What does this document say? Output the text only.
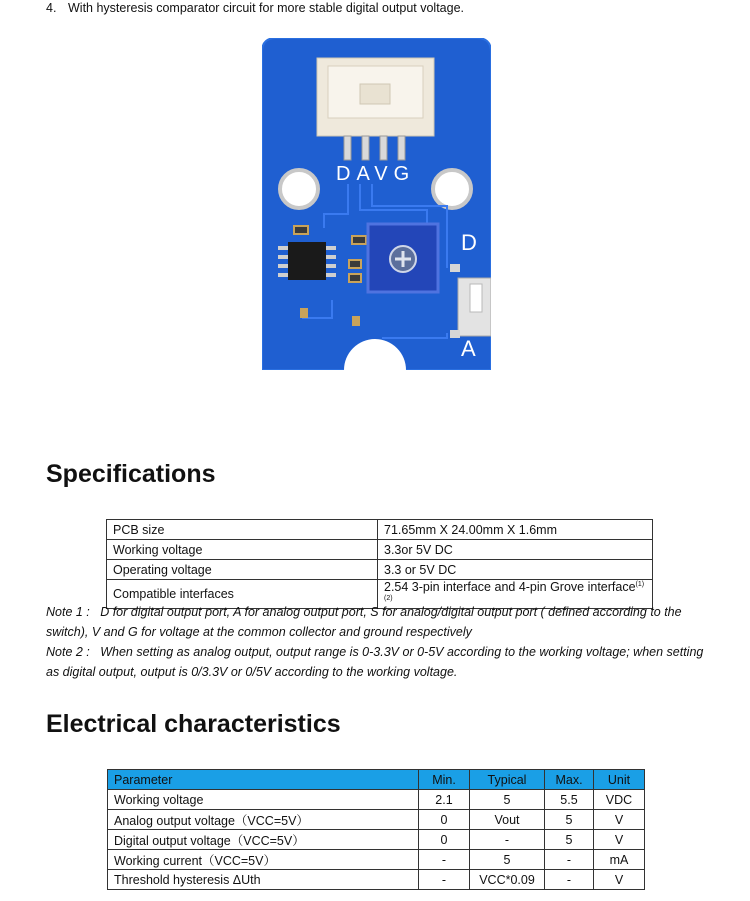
4. With hysteresis comparator circuit for more stable digital output voltage.
DAVG
D
A
Specifications
PCB size	71.65mm X 24.00mm X 1.6mm
Working voltage	3.3or 5V DC
Operating voltage	3.3 or 5V DC
Compatible interfaces	2.54 3-pin interface and 4-pin Grove interface$^{(1)(2)}$
Note 1 : D for digital output port, A for analog output port, S for analog/digital output port ( defined according to the switch), V and G for voltage at the common collector and ground respectively
Note 2 : When setting as analog output, output range is 0-3.3V or 0-5V according to the working voltage; when setting as digital output, output is 0/3.3V or 0/5V according to the working voltage.
Electrical characteristics
Parameter	Min.	Typical	Max.	Unit
Working voltage	2.1	5	5.5	VDC
Analog output voltage（VCC=5V）	0	Vout	5	V
Digital output voltage（VCC=5V）	0	-	5	V
Working current（VCC=5V）	-	5	-	mA
Threshold hysteresis ΔUth	-	VCC*0.09	-	V
